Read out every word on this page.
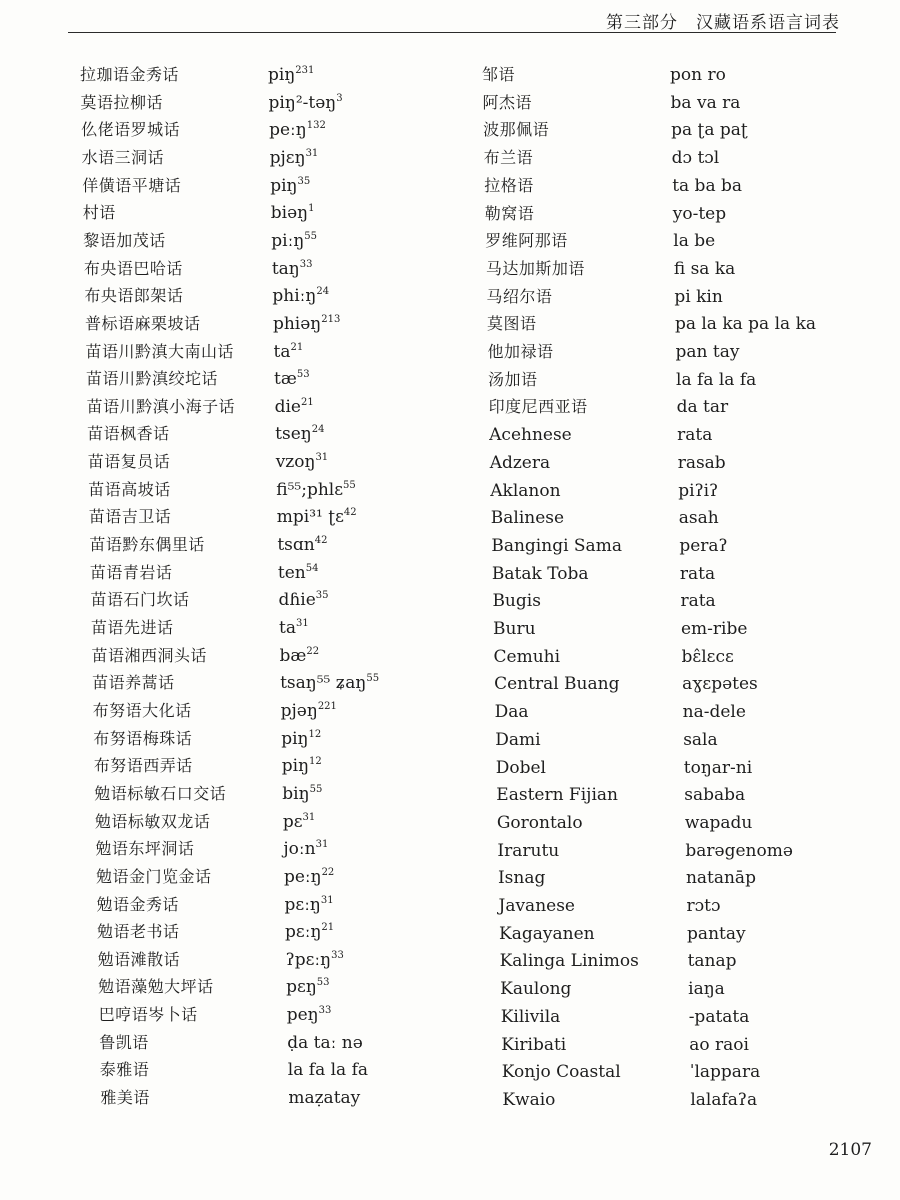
第三部分　汉藏语系语言词表
拉珈语金秀话	piŋ$^{231}$
莫语拉柳话	piŋ²-təŋ$^3$
仫佬语罗城话	peːŋ$^{132}$
水语三洞话	pjɛŋ$^{31}$
佯僙语平塘话	piŋ$^{35}$
村语	biəŋ$^1$
黎语加茂话	piːŋ$^{55}$
布央语巴哈话	taŋ$^{33}$
布央语郎架话	phiːŋ$^{24}$
普标语麻栗坡话	phiəŋ$^{213}$
苗语川黔滇大南山话 $ta^{21}$
苗语川黔滇绞坨话	$tæ^{53}$
苗语川黔滇小海子话 die$^{21}$
苗语枫香话	tseŋ$^{24}$
苗语复员话	vzoŋ$^{31}$
苗语高坡话	fi⁵⁵;phlɛ$^{55}$
苗语吉卫话	mpi³¹ ʈɛ$^{42}$
苗语黔东偶里话	tsɑn$^{42}$
苗语青岩话	ten$^{54}$
苗语石门坎话	dɦie$^{35}$
苗语先进话	$ta^{31}$
苗语湘西洞头话	$bæ^{22}$
苗语养蒿话	tsaŋ⁵⁵ ʑaŋ$^{55}$
布努语大化话	pjəŋ$^{221}$
布努语梅珠话	piŋ$^{12}$
布努语西弄话	piŋ$^{12}$
勉语标敏石口交话	biŋ$^{55}$
勉语标敏双龙话	pɛ$^{31}$
勉语东坪洞话	joːn$^{31}$
勉语金门览金话	peːŋ$^{22}$
勉语金秀话	pɛːŋ$^{31}$
勉语老书话	pɛːŋ$^{21}$
勉语滩散话	ʔpɛːŋ$^{33}$
勉语藻勉大坪话	pɛŋ$^{53}$
巴哼语岑卜话	peŋ$^{33}$
鲁凯语	ḍa taː nə
泰雅语	la fa la fa
雅美语	maẓatay
邹语	pon ro
阿杰语	ba va ra
波那佩语	pa ʈa paʈ
布兰语	dɔ tɔl
拉格语	ta ba ba
勒窝语	yo-tep
罗维阿那语	la be
马达加斯加语	fi sa ka
马绍尔语	pi kin
莫图语	pa la ka pa la ka
他加禄语	pan tay
汤加语	la fa la fa
印度尼西亚语	da tar
Acehnese	rata
Adzera	rasab
Aklanon	piʔiʔ
Balinese	asah
Bangingi Sama	peraʔ
Batak Toba	rata
Bugis	rata
Buru	em-ribe
Cemuhi	bɛ̂lɛcɛ
Central Buang	aɣɛpətes
Daa	na-dele
Dami	sala
Dobel	toŋar-ni
Eastern Fijian	sababa
Gorontalo	wapadu
Irarutu	barəgenomə
Isnag	natanāp
Javanese	rɔtɔ
Kagayanen	pantay
Kalinga Linimos	tanap
Kaulong	iaŋa
Kilivila	-patata
Kiribati	ao raoi
Konjo Coastal	ˈlappara
Kwaio	lalafaʔa
2107
